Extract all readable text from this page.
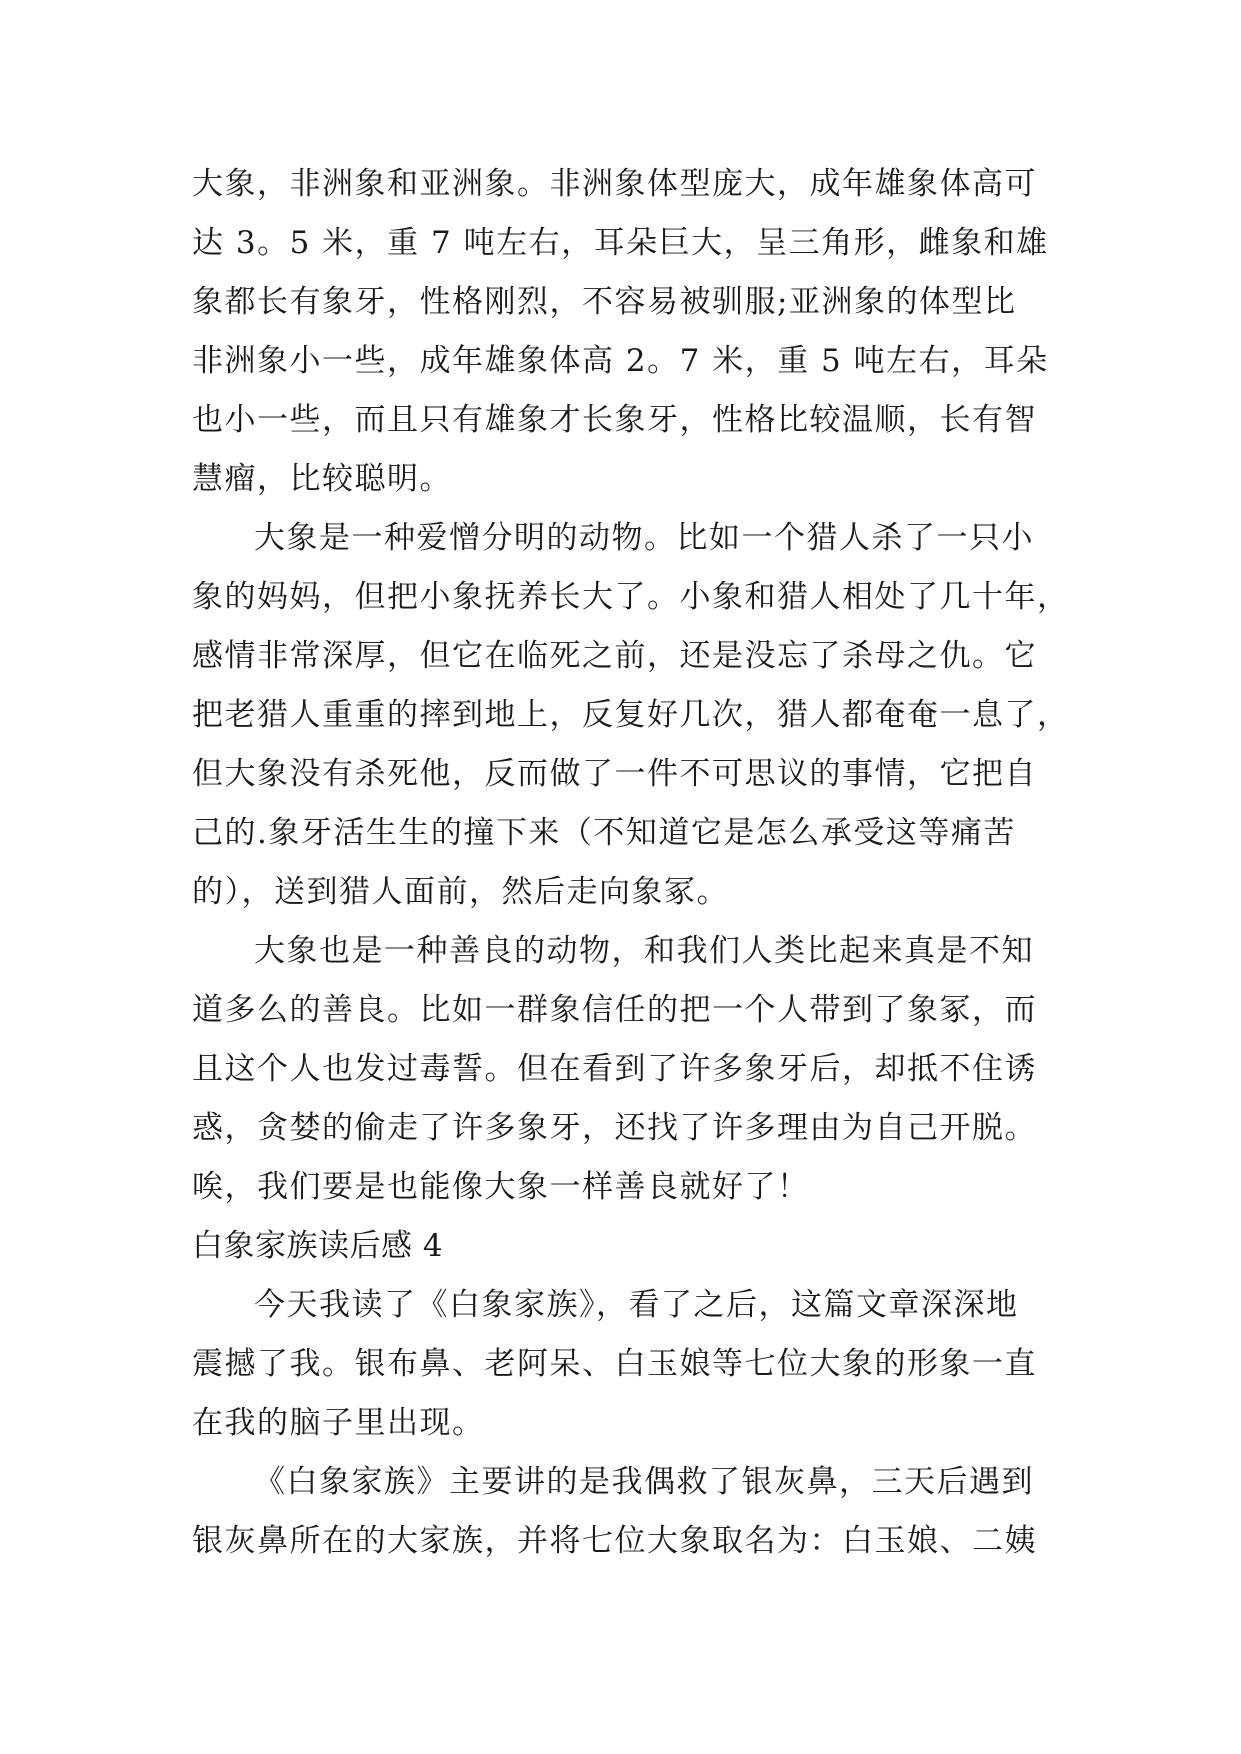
大象，非洲象和亚洲象。非洲象体型庞大，成年雄象体高可
达 3。5 米，重 7 吨左右，耳朵巨大，呈三角形，雌象和雄
象都长有象牙，性格刚烈，不容易被驯服;亚洲象的体型比
非洲象小一些，成年雄象体高 2。7 米，重 5 吨左右，耳朵
也小一些，而且只有雄象才长象牙，性格比较温顺，长有智
慧瘤，比较聪明。
大象是一种爱憎分明的动物。比如一个猎人杀了一只小
象的妈妈，但把小象抚养长大了。小象和猎人相处了几十年，
感情非常深厚，但它在临死之前，还是没忘了杀母之仇。它
把老猎人重重的摔到地上，反复好几次，猎人都奄奄一息了，
但大象没有杀死他，反而做了一件不可思议的事情，它把自
己的.象牙活生生的撞下来（不知道它是怎么承受这等痛苦
的），送到猎人面前，然后走向象冢。
大象也是一种善良的动物，和我们人类比起来真是不知
道多么的善良。比如一群象信任的把一个人带到了象冢，而
且这个人也发过毒誓。但在看到了许多象牙后，却抵不住诱
惑，贪婪的偷走了许多象牙，还找了许多理由为自己开脱。
唉，我们要是也能像大象一样善良就好了！
白象家族读后感 4
今天我读了《白象家族》，看了之后，这篇文章深深地
震撼了我。银布鼻、老阿呆、白玉娘等七位大象的形象一直
在我的脑子里出现。
《白象家族》主要讲的是我偶救了银灰鼻，三天后遇到
银灰鼻所在的大家族，并将七位大象取名为：白玉娘、二姨
